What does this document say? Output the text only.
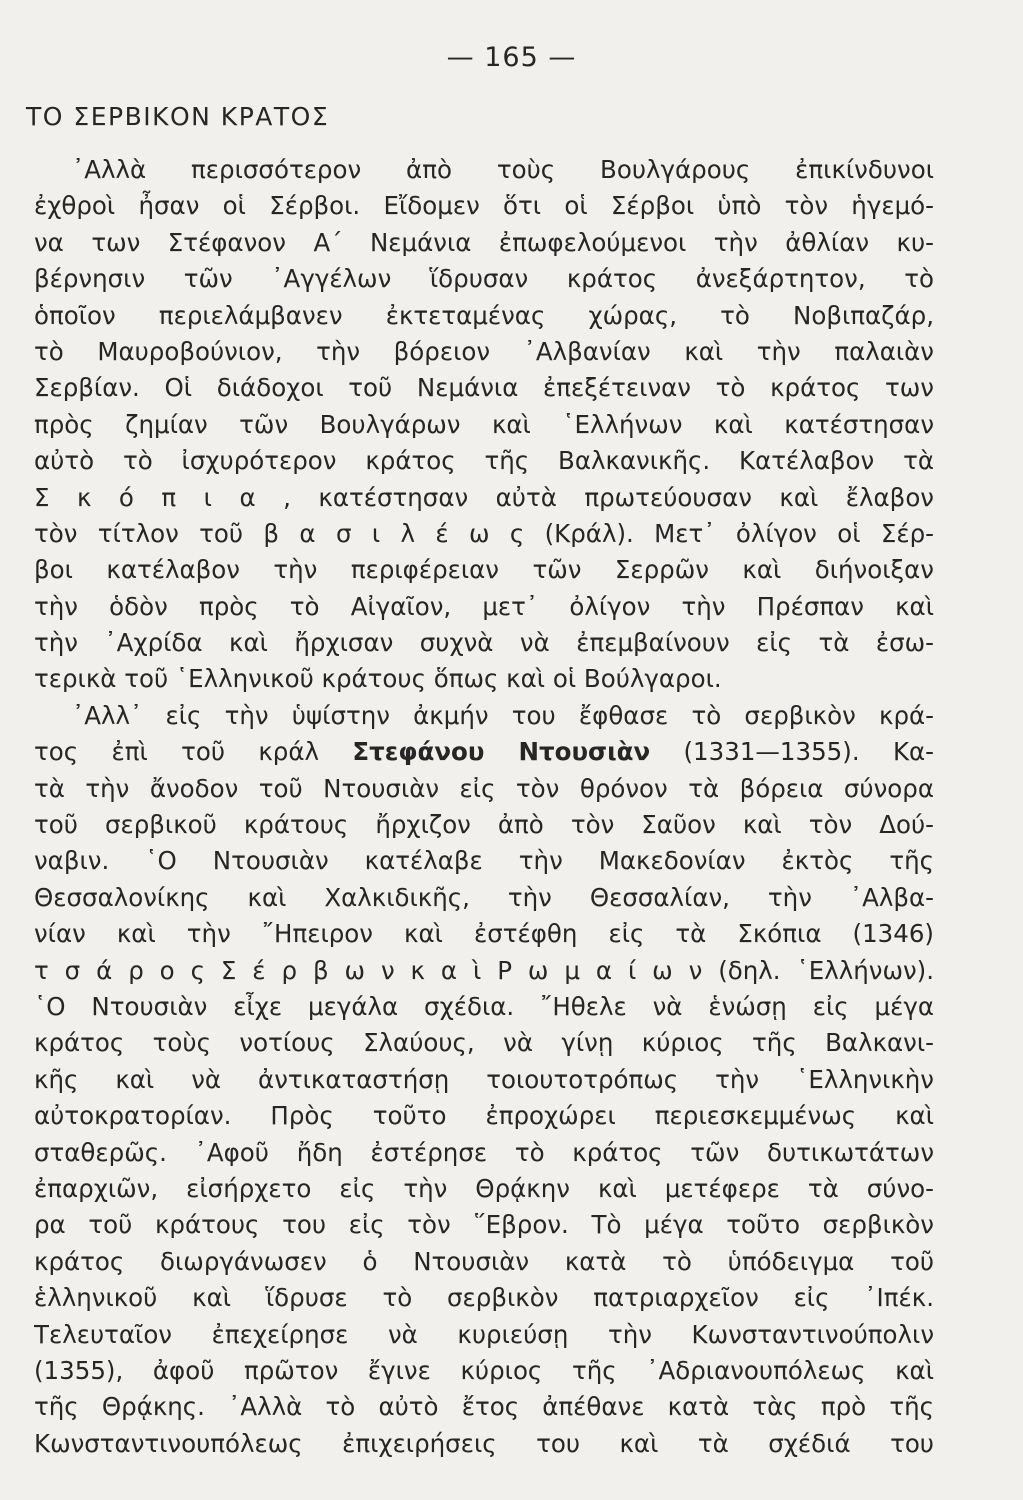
— 165 —
ΤΟ ΣΕΡΒΙΚΟΝ ΚΡΑΤΟΣ
᾿Αλλὰ περισσότερον ἀπὸ τοὺς Βουλγάρους ἐπικίνδυνοι
ἐχθροὶ ἦσαν οἱ Σέρβοι. Εἴδομεν ὅτι οἱ Σέρβοι ὑπὸ τὸν ἡγεμό-
να των Στέφανον Α΄ Νεμάνια ἐπωφελούμενοι τὴν ἀθλίαν κυ-
βέρνησιν τῶν ᾿Αγγέλων ἵδρυσαν κράτος ἀνεξάρτητον, τὸ
ὁποῖον περιελάμβανεν ἐκτεταμένας χώρας, τὸ Νοβιπαζάρ,
τὸ Μαυροβούνιον, τὴν βόρειον ᾿Αλβανίαν καὶ τὴν παλαιὰν
Σερβίαν. Οἱ διάδοχοι τοῦ Νεμάνια ἐπεξέτειναν τὸ κράτος των
πρὸς ζημίαν τῶν Βουλγάρων καὶ ῾Ελλήνων καὶ κατέστησαν
αὐτὸ τὸ ἰσχυρότερον κράτος τῆς Βαλκανικῆς. Κατέλαβον τὰ
Σ κ ό π ι α , κατέστησαν αὐτὰ πρωτεύουσαν καὶ ἔλαβον
τὸν τίτλον τοῦ β α σ ι λ έ ω ς (Κράλ). Μετ᾿ ὀλίγον οἱ Σέρ-
βοι κατέλαβον τὴν περιφέρειαν τῶν Σερρῶν καὶ διήνοιξαν
τὴν ὁδὸν πρὸς τὸ Αἰγαῖον, μετ᾿ ὀλίγον τὴν Πρέσπαν καὶ
τὴν ᾿Αχρίδα καὶ ἤρχισαν συχνὰ νὰ ἐπεμβαίνουν εἰς τὰ ἐσω-
τερικὰ τοῦ ῾Ελληνικοῦ κράτους ὅπως καὶ οἱ Βούλγαροι.
᾿Αλλ᾿ εἰς τὴν ὑψίστην ἀκμήν του ἔφθασε τὸ σερβικὸν κρά-
τος ἐπὶ τοῦ κράλ Στεφάνου Ντουσιὰν (1331—1355). Κα-
τὰ τὴν ἄνοδον τοῦ Ντουσιὰν εἰς τὸν θρόνον τὰ βόρεια σύνορα
τοῦ σερβικοῦ κράτους ἤρχιζον ἀπὸ τὸν Σαῦον καὶ τὸν Δού-
ναβιν. ῾Ο Ντουσιὰν κατέλαβε τὴν Μακεδονίαν ἐκτὸς τῆς
Θεσσαλονίκης καὶ Χαλκιδικῆς, τὴν Θεσσαλίαν, τὴν ᾿Αλβα-
νίαν καὶ τὴν ῎Ηπειρον καὶ ἐστέφθη εἰς τὰ Σκόπια (1346)
τ σ ά ρ ο ς Σ έ ρ β ω ν κ α ὶ Ρ ω μ α ί ω ν (δηλ. ῾Ελλήνων).
῾Ο Ντουσιὰν εἶχε μεγάλα σχέδια. ῎Ηθελε νὰ ἑνώσῃ εἰς μέγα
κράτος τοὺς νοτίους Σλαύους, νὰ γίνῃ κύριος τῆς Βαλκανι-
κῆς καὶ νὰ ἀντικαταστήσῃ τοιουτοτρόπως τὴν ῾Ελληνικὴν
αὐτοκρατορίαν. Πρὸς τοῦτο ἐπροχώρει περιεσκεμμένως καὶ
σταθερῶς. ᾿Αφοῦ ἤδη ἐστέρησε τὸ κράτος τῶν δυτικωτάτων
ἐπαρχιῶν, εἰσήρχετο εἰς τὴν Θρᾴκην καὶ μετέφερε τὰ σύνο-
ρα τοῦ κράτους του εἰς τὸν ῞Εβρον. Τὸ μέγα τοῦτο σερβικὸν
κράτος διωργάνωσεν ὁ Ντουσιὰν κατὰ τὸ ὑπόδειγμα τοῦ
ἑλληνικοῦ καὶ ἵδρυσε τὸ σερβικὸν πατριαρχεῖον εἰς ᾿Ιπέκ.
Τελευταῖον ἐπεχείρησε νὰ κυριεύσῃ τὴν Κωνσταντινούπολιν
(1355), ἀφοῦ πρῶτον ἔγινε κύριος τῆς ᾿Αδριανουπόλεως καὶ
τῆς Θρᾴκης. ᾿Αλλὰ τὸ αὐτὸ ἔτος ἀπέθανε κατὰ τὰς πρὸ τῆς
Κωνσταντινουπόλεως ἐπιχειρήσεις του καὶ τὰ σχέδιά του
